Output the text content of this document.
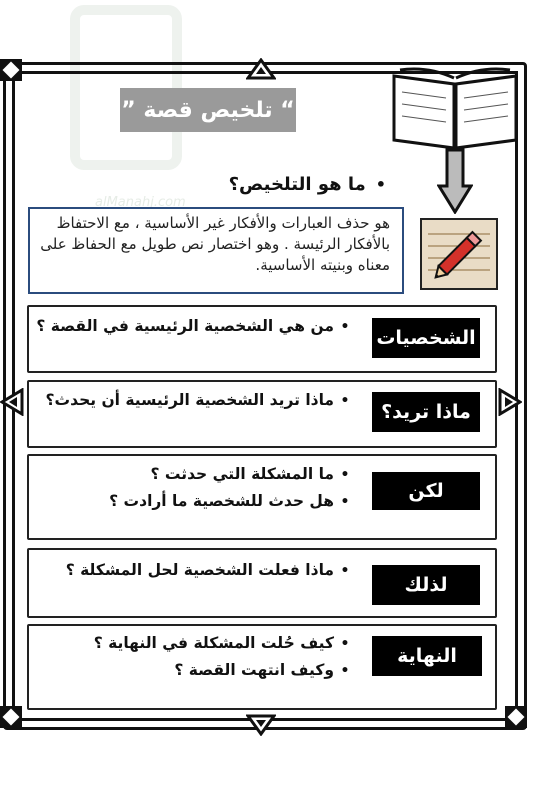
alManahj.com
“ تلخيص قصة ”
•ما هو التلخيص؟
هو حذف العبارات والأفكار غير الأساسية ، مع الاحتفاظ بالأفكار الرئيسة . وهو اختصار نص طويل مع الحفاظ على معناه وبنيته الأساسية.
الشخصيات
•من هي الشخصية الرئيسية في القصة ؟
ماذا تريد؟
•ماذا تريد الشخصية الرئيسية أن يحدث؟
لكن
•ما المشكلة التي حدثت ؟
•هل حدث للشخصية ما أرادت ؟
لذلك
•ماذا فعلت الشخصية لحل المشكلة ؟
النهاية
•كيف حُلت المشكلة في النهاية ؟
•وكيف انتهت القصة ؟
